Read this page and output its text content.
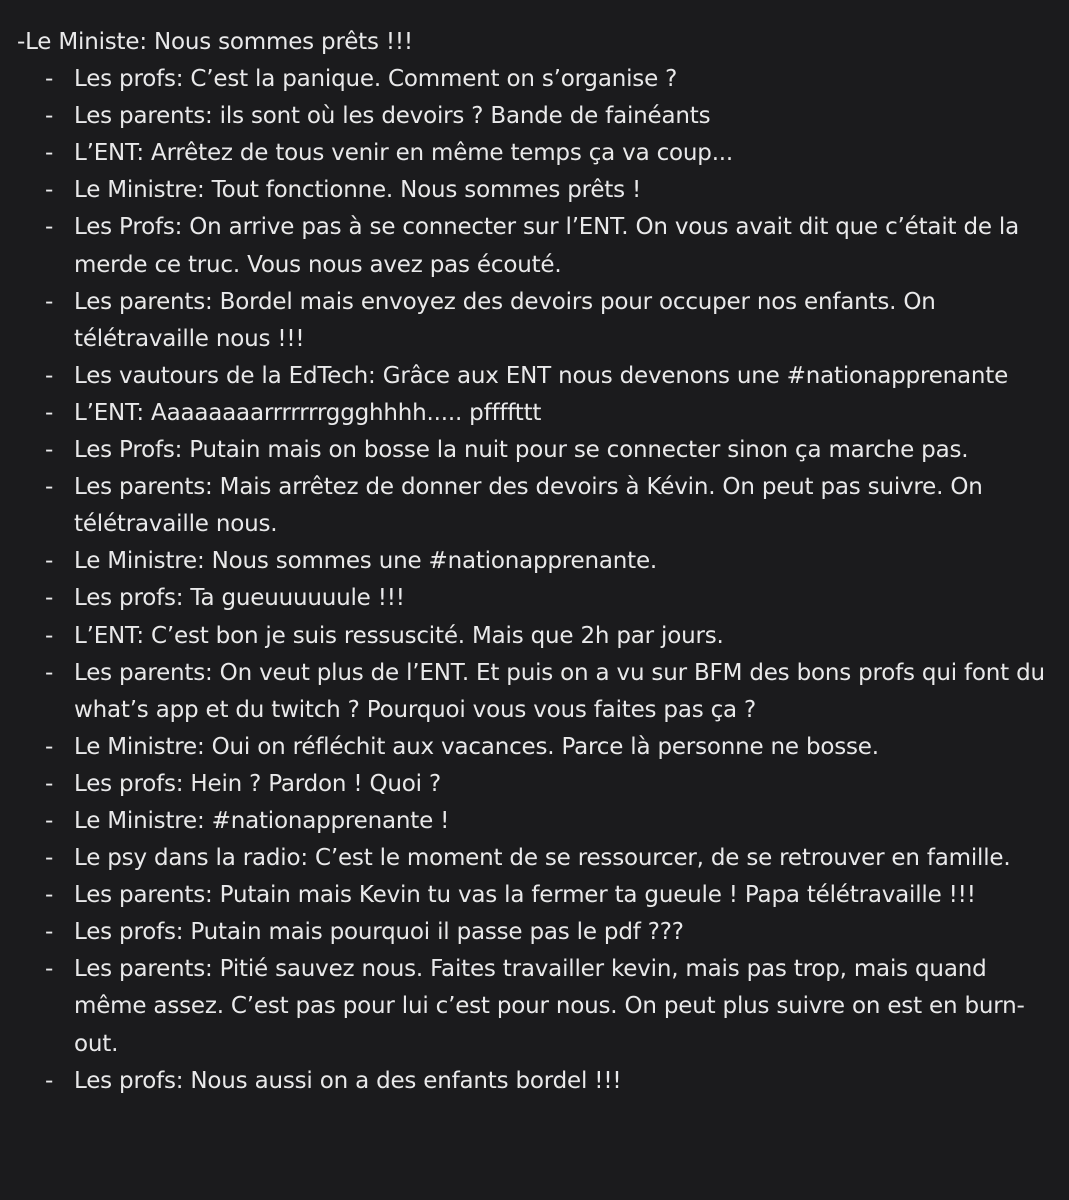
-Le Ministe: Nous sommes prêts !!!

- Les profs: C’est la panique. Comment on s’organise ?
- Les parents: ils sont où les devoirs ? Bande de fainéants
- L’ENT: Arrêtez de tous venir en même temps ça va coup...
- Le Ministre: Tout fonctionne. Nous sommes prêts !
- Les Profs: On arrive pas à se connecter sur l’ENT. On vous avait dit que c’était de la merde ce truc. Vous nous avez pas écouté.
- Les parents: Bordel mais envoyez des devoirs pour occuper nos enfants. On télétravaille nous !!!
- Les vautours de la EdTech: Grâce aux ENT nous devenons une #nationapprenante
- L’ENT: Aaaaaaaarrrrrrrggghhhh..... pffffttt
- Les Profs: Putain mais on bosse la nuit pour se connecter sinon ça marche pas.
- Les parents: Mais arrêtez de donner des devoirs à Kévin. On peut pas suivre. On télétravaille nous.
- Le Ministre: Nous sommes une #nationapprenante.
- Les profs: Ta gueuuuuuule !!!
- L’ENT: C’est bon je suis ressuscité. Mais que 2h par jours.
- Les parents: On veut plus de l’ENT. Et puis on a vu sur BFM des bons profs qui font du what’s app et du twitch ? Pourquoi vous vous faites pas ça ?
- Le Ministre: Oui on réfléchit aux vacances. Parce là personne ne bosse.
- Les profs: Hein ? Pardon ! Quoi ?
- Le Ministre: #nationapprenante !
- Le psy dans la radio: C’est le moment de se ressourcer, de se retrouver en famille.
- Les parents: Putain mais Kevin tu vas la fermer ta gueule ! Papa télétravaille !!!
- Les profs: Putain mais pourquoi il passe pas le pdf ???
- Les parents: Pitié sauvez nous. Faites travailler kevin, mais pas trop, mais quand même assez. C’est pas pour lui c’est pour nous. On peut plus suivre on est en burn-out.
- Les profs: Nous aussi on a des enfants bordel !!!
